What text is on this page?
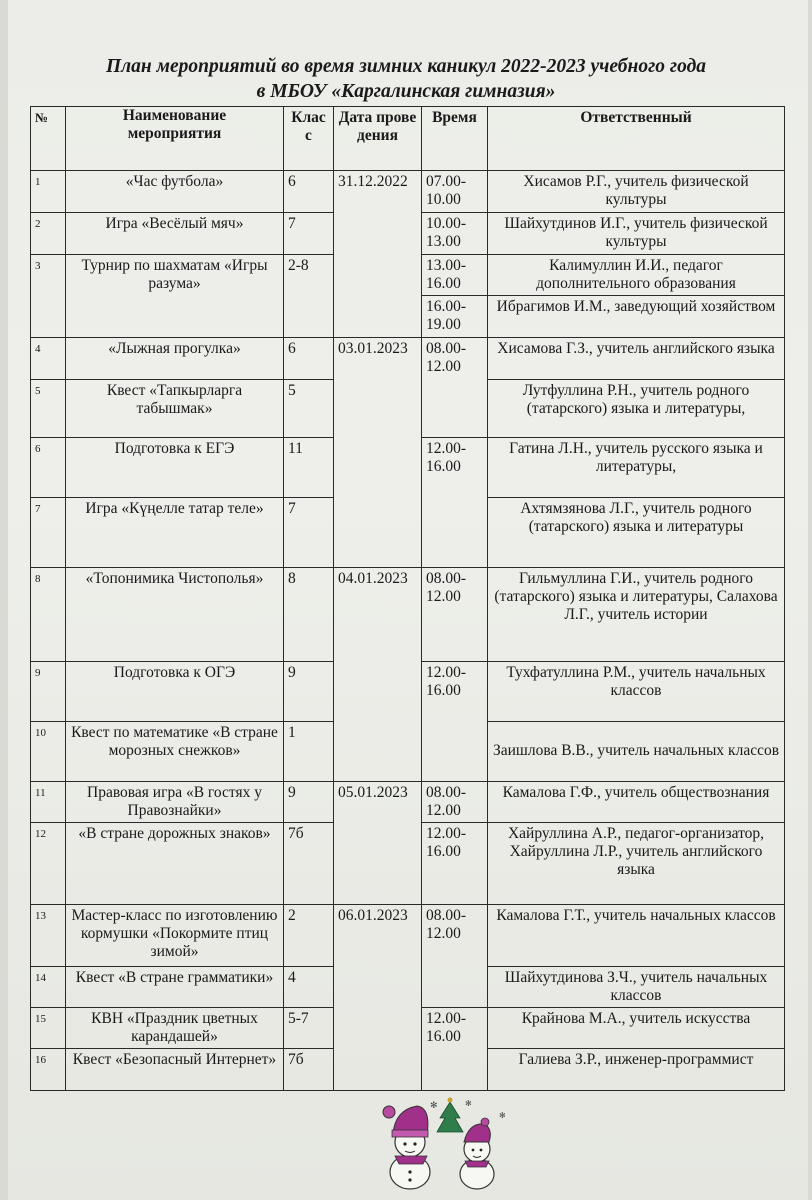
План мероприятий во время зимних каникул 2022-2023 учебного года
в МБОУ «Каргалинская гимназия»
№	Наименование мероприятия	Класс	Дата проведения	Время	Ответственный
1	«Час футбола»	6	31.12.2022	07.00-10.00	Хисамов Р.Г., учитель физической культуры
2	Игра «Весёлый мяч»	7		10.00-13.00	Шайхутдинов И.Г., учитель физической культуры
3	Турнир по шахматам «Игры разума»	2-8		13.00-16.00	Калимуллин И.И., педагог дополнительного образования
				16.00-19.00	Ибрагимов И.М., заведующий хозяйством
4	«Лыжная прогулка»	6	03.01.2023	08.00-12.00	Хисамова Г.З., учитель английского языка
5	Квест «Тапкырларга табышмак»	5			Лутфуллина Р.Н., учитель родного (татарского) языка и литературы,
6	Подготовка к ЕГЭ	11		12.00-16.00	Гатина Л.Н., учитель русского языка и литературы,
7	Игра «Күңелле татар теле»	7			Ахтямзянова Л.Г., учитель родного (татарского) языка и литературы
8	«Топонимика Чистополья»	8	04.01.2023	08.00-12.00	Гильмуллина Г.И., учитель родного (татарского) языка и литературы, Салахова Л.Г., учитель истории
9	Подготовка к ОГЭ	9		12.00-16.00	Тухфатуллина Р.М., учитель начальных классов
10	Квест по математике «В стране морозных снежков»	1			Заишлова В.В., учитель начальных классов
11	Правовая игра «В гостях у Правознайки»	9	05.01.2023	08.00-12.00	Камалова Г.Ф., учитель обществознания
12	«В стране дорожных знаков»	7б		12.00-16.00	Хайруллина А.Р., педагог-организатор, Хайруллина Л.Р., учитель английского языка
13	Мастер-класс по изготовлению кормушки «Покормите птиц зимой»	2	06.01.2023	08.00-12.00	Камалова Г.Т., учитель начальных классов
14	Квест «В стране грамматики»	4			Шайхутдинова З.Ч., учитель начальных классов
15	КВН «Праздник цветных карандашей»	5-7		12.00-16.00	Крайнова М.А., учитель искусства
16	Квест «Безопасный Интернет»	7б			Галиева З.Р., инженер-программист
✻	✻
✻
